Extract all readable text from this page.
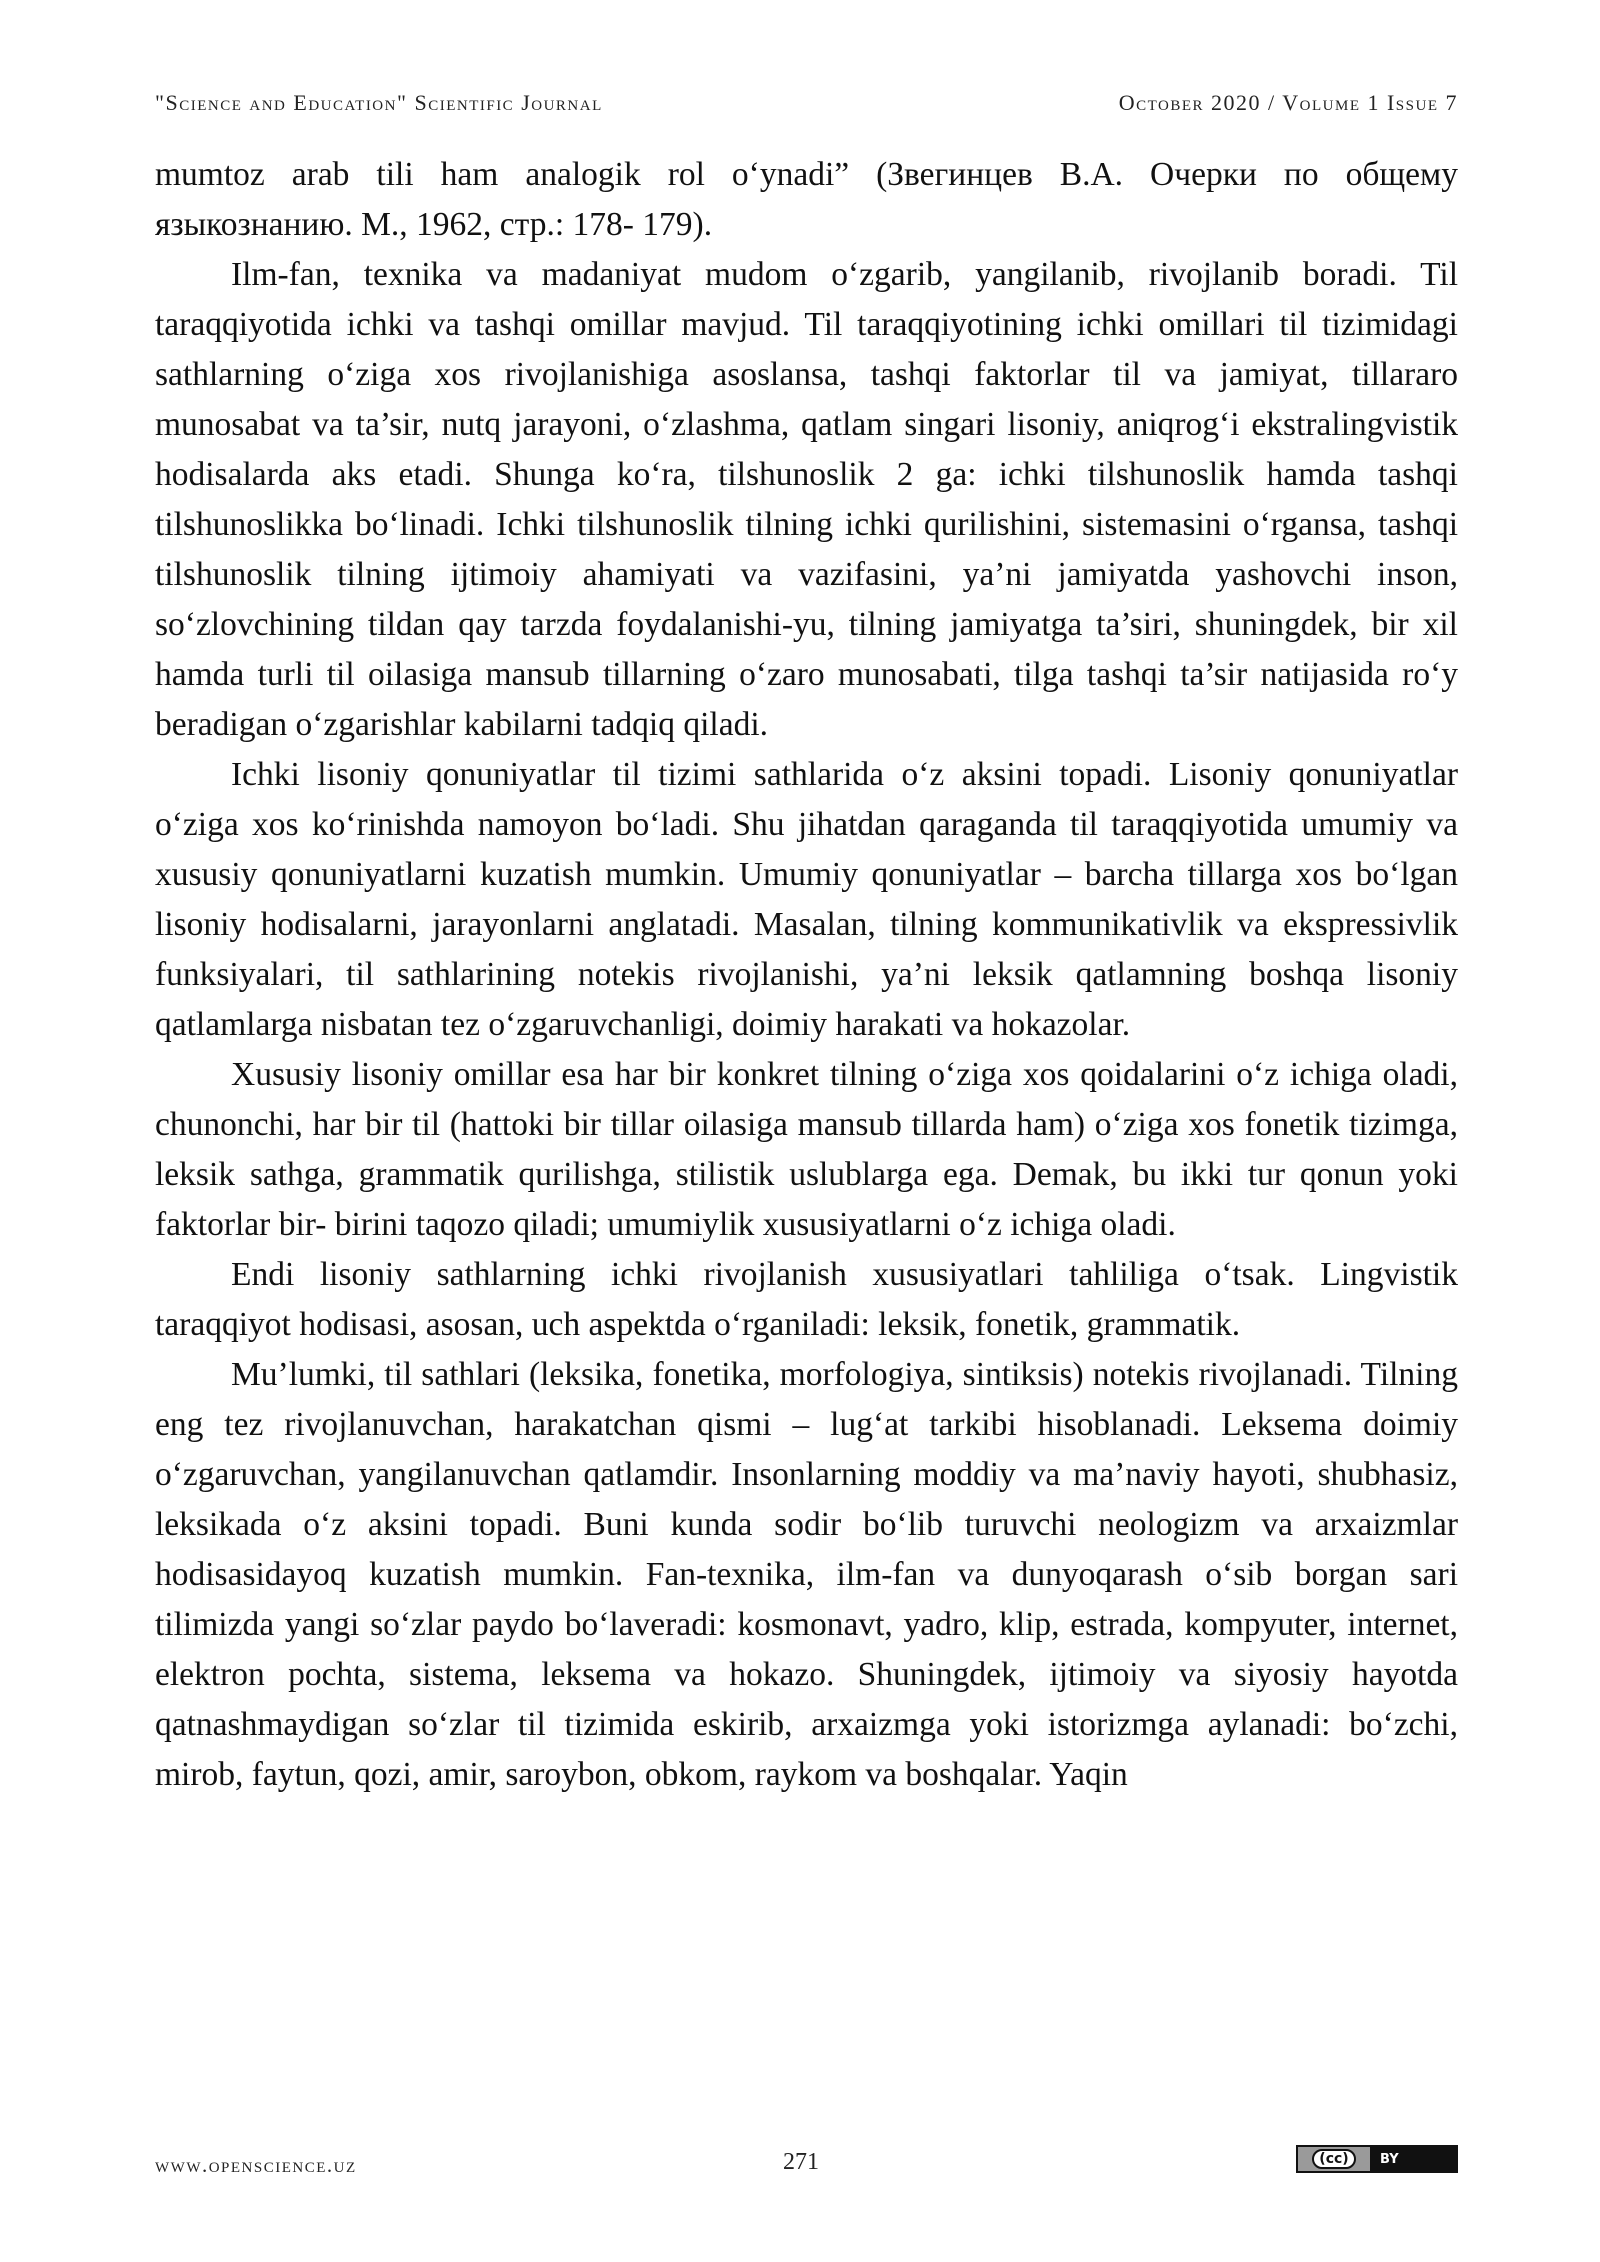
"Science and Education" Scientific Journal	October 2020 / Volume 1 Issue 7

mumtoz arab tili ham analogik rol o‘ynadi” (Звегинцев В.А. Очерки по общему языкознанию. М., 1962, стр.: 178- 179).

Ilm-fan, texnika va madaniyat mudom o‘zgarib, yangilanib, rivojlanib boradi. Til taraqqiyotida ichki va tashqi omillar mavjud. Til taraqqiyotining ichki omillari til tizimidagi sathlarning o‘ziga xos rivojlanishiga asoslansa, tashqi faktorlar til va jamiyat, tillararo munosabat va ta’sir, nutq jarayoni, o‘zlashma, qatlam singari lisoniy, aniqrog‘i ekstralingvistik hodisalarda aks etadi. Shunga ko‘ra, tilshunoslik 2 ga: ichki tilshunoslik hamda tashqi tilshunoslikka bo‘linadi. Ichki tilshunoslik tilning ichki qurilishini, sistemasini o‘rgansa, tashqi tilshunoslik tilning ijtimoiy ahamiyati va vazifasini, ya’ni jamiyatda yashovchi inson, so‘zlovchining tildan qay tarzda foydalanishi-yu, tilning jamiyatga ta’siri, shuningdek, bir xil hamda turli til oilasiga mansub tillarning o‘zaro munosabati, tilga tashqi ta’sir natijasida ro‘y beradigan o‘zgarishlar kabilarni tadqiq qiladi.

Ichki lisoniy qonuniyatlar til tizimi sathlarida o‘z aksini topadi. Lisoniy qonuniyatlar o‘ziga xos ko‘rinishda namoyon bo‘ladi. Shu jihatdan qaraganda til taraqqiyotida umumiy va xususiy qonuniyatlarni kuzatish mumkin. Umumiy qonuniyatlar – barcha tillarga xos bo‘lgan lisoniy hodisalarni, jarayonlarni anglatadi. Masalan, tilning kommunikativlik va ekspressivlik funksiyalari, til sathlarining notekis rivojlanishi, ya’ni leksik qatlamning boshqa lisoniy qatlamlarga nisbatan tez o‘zgaruvchanligi, doimiy harakati va hokazolar.

Xususiy lisoniy omillar esa har bir konkret tilning o‘ziga xos qoidalarini o‘z ichiga oladi, chunonchi, har bir til (hattoki bir tillar oilasiga mansub tillarda ham) o‘ziga xos fonetik tizimga, leksik sathga, grammatik qurilishga, stilistik uslublarga ega. Demak, bu ikki tur qonun yoki faktorlar bir- birini taqozo qiladi; umumiylik xususiyatlarni o‘z ichiga oladi.

Endi lisoniy sathlarning ichki rivojlanish xususiyatlari tahliliga o‘tsak. Lingvistik taraqqiyot hodisasi, asosan, uch aspektda o‘rganiladi: leksik, fonetik, grammatik.

Mu’lumki, til sathlari (leksika, fonetika, morfologiya, sintiksis) notekis rivojlanadi. Tilning eng tez rivojlanuvchan, harakatchan qismi – lug‘at tarkibi hisoblanadi. Leksema doimiy o‘zgaruvchan, yangilanuvchan qatlamdir. Insonlarning moddiy va ma’naviy hayoti, shubhasiz, leksikada o‘z aksini topadi. Buni kunda sodir bo‘lib turuvchi neologizm va arxaizmlar hodisasidayoq kuzatish mumkin. Fan-texnika, ilm-fan va dunyoqarash o‘sib borgan sari tilimizda yangi so‘zlar paydo bo‘laveradi: kosmonavt, yadro, klip, estrada, kompyuter, internet, elektron pochta, sistema, leksema va hokazo. Shuningdek, ijtimoiy va siyosiy hayotda qatnashmaydigan so‘zlar til tizimida eskirib, arxaizmga yoki istorizmga aylanadi: bo‘zchi, mirob, faytun, qozi, amir, saroybon, obkom, raykom va boshqalar. Yaqin

www.openscience.uz	271	(cc)	BY
